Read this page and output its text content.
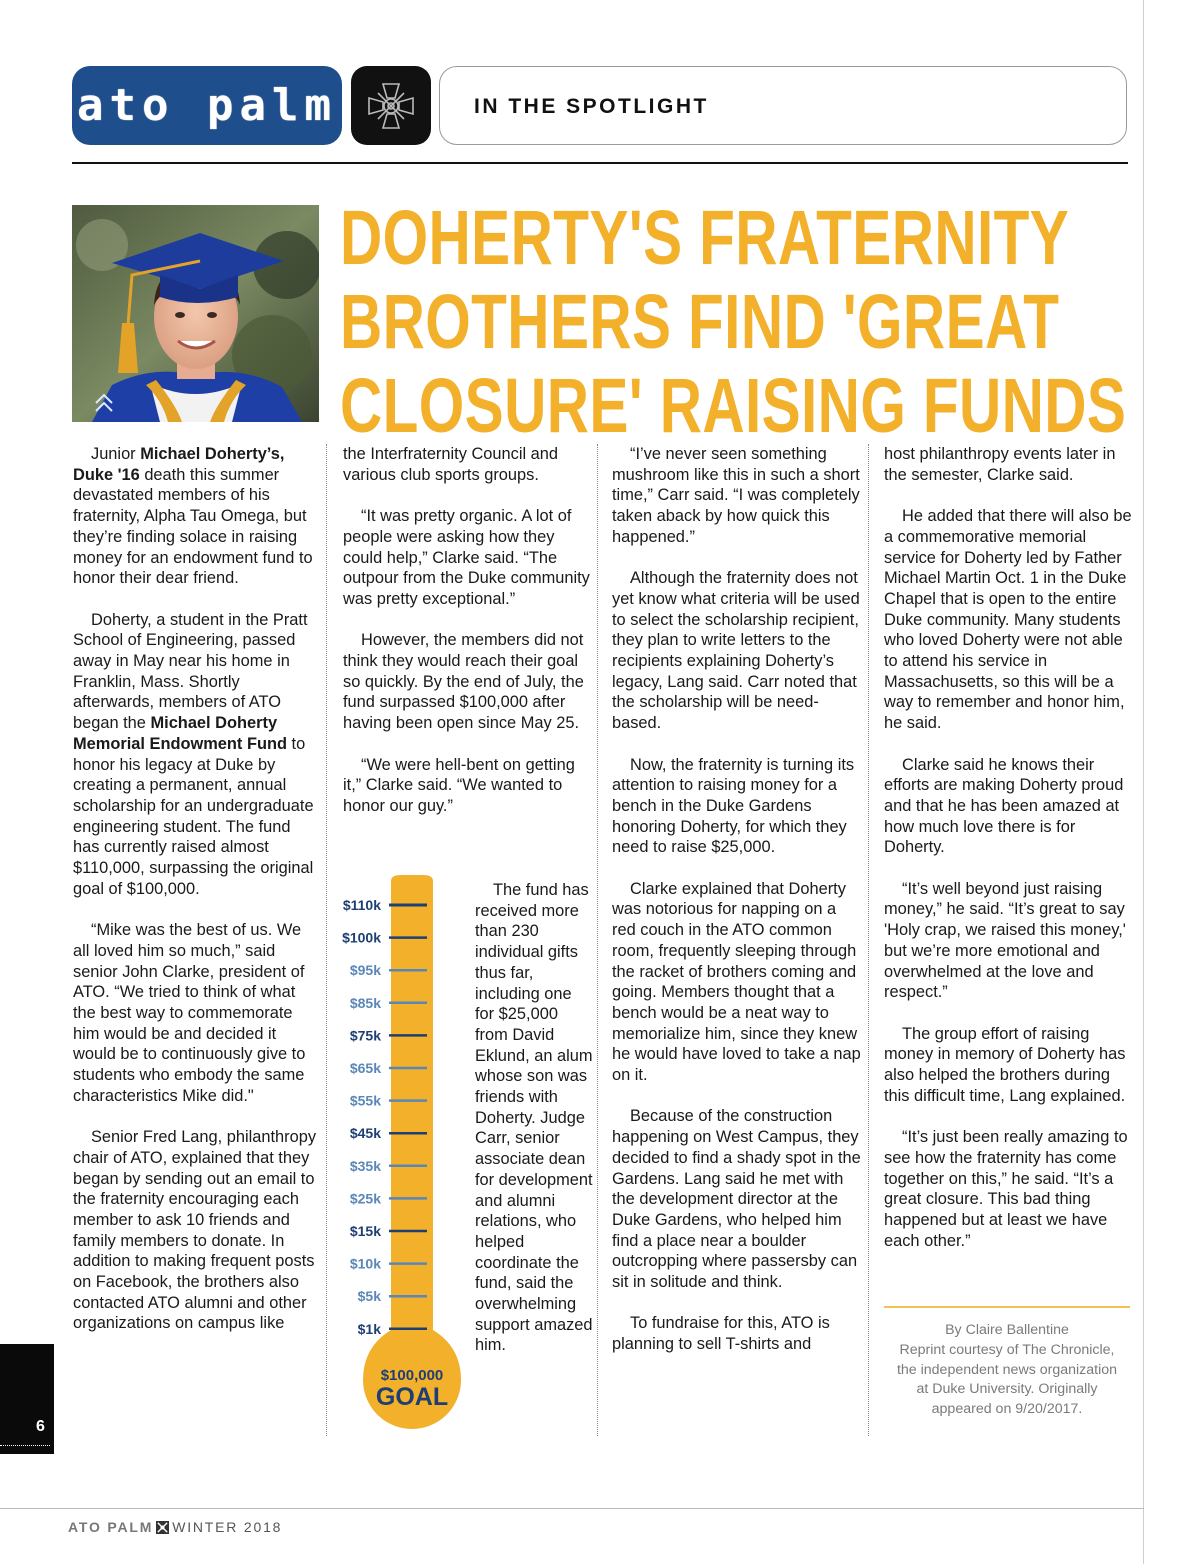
ato palm	IN THE SPOTLIGHT
DOHERTY'S FRATERNITY
BROTHERS FIND 'GREAT
CLOSURE' RAISING FUNDS

Junior Michael Doherty’s, Duke '16 death this summer devastated members of his fraternity, Alpha Tau Omega, but they’re finding solace in raising money for an endowment fund to honor their dear friend.

Doherty, a student in the Pratt School of Engineering, passed away in May near his home in Franklin, Mass. Shortly afterwards, members of ATO began the Michael Doherty Memorial Endowment Fund to honor his legacy at Duke by creating a permanent, annual scholarship for an undergraduate engineering student. The fund has currently raised almost $110,000, surpassing the original goal of $100,000.

“Mike was the best of us. We all loved him so much,” said senior John Clarke, president of ATO. “We tried to think of what the best way to commemorate him would be and decided it would be to continuously give to students who embody the same characteristics Mike did."

Senior Fred Lang, philanthropy chair of ATO, explained that they began by sending out an email to the fraternity encouraging each member to ask 10 friends and family members to donate. In addition to making frequent posts on Facebook, the brothers also contacted ATO alumni and other organizations on campus like

the Interfraternity Council and various club sports groups.

“It was pretty organic. A lot of people were asking how they could help,” Clarke said. “The outpour from the Duke community was pretty exceptional.”

However, the members did not think they would reach their goal so quickly. By the end of July, the fund surpassed $100,000 after having been open since May 25.

“We were hell-bent on getting it,” Clarke said. “We wanted to honor our guy.”

$110k
$100k
$95k
$85k
$75k
$65k
$55k
$45k
$35k
$25k
$15k
$10k
$5k
$1k
$100,000
GOAL

The fund has received more than 230 individual gifts thus far, including one for $25,000 from David Eklund, an alum whose son was friends with Doherty. Judge Carr, senior associate dean for development and alumni relations, who helped coordinate the fund, said the overwhelming support amazed him.

“I’ve never seen something mushroom like this in such a short time,” Carr said. “I was completely taken aback by how quick this happened.”

Although the fraternity does not yet know what criteria will be used to select the scholarship recipient, they plan to write letters to the recipients explaining Doherty’s legacy, Lang said. Carr noted that the scholarship will be need-based.

Now, the fraternity is turning its attention to raising money for a bench in the Duke Gardens honoring Doherty, for which they need to raise $25,000.

Clarke explained that Doherty was notorious for napping on a red couch in the ATO common room, frequently sleeping through the racket of brothers coming and going. Members thought that a bench would be a neat way to memorialize him, since they knew he would have loved to take a nap on it.

Because of the construction happening on West Campus, they decided to find a shady spot in the Gardens. Lang said he met with the development director at the Duke Gardens, who helped him find a place near a boulder outcropping where passersby can sit in solitude and think.

To fundraise for this, ATO is planning to sell T-shirts and

host philanthropy events later in the semester, Clarke said.

He added that there will also be a commemorative memorial service for Doherty led by Father Michael Martin Oct. 1 in the Duke Chapel that is open to the entire Duke community. Many students who loved Doherty were not able to attend his service in Massachusetts, so this will be a way to remember and honor him, he said.

Clarke said he knows their efforts are making Doherty proud and that he has been amazed at how much love there is for Doherty.

“It’s well beyond just raising money,” he said. “It’s great to say 'Holy crap, we raised this money,' but we’re more emotional and overwhelmed at the love and respect.”

The group effort of raising money in memory of Doherty has also helped the brothers during this difficult time, Lang explained.

“It’s just been really amazing to see how the fraternity has come together on this,” he said. “It’s a great closure. This bad thing happened but at least we have each other.”

By Claire Ballentine
Reprint courtesy of The Chronicle,
the independent news organization
at Duke University. Originally
appeared on 9/20/2017.
6
ATO PALM WINTER 2018
